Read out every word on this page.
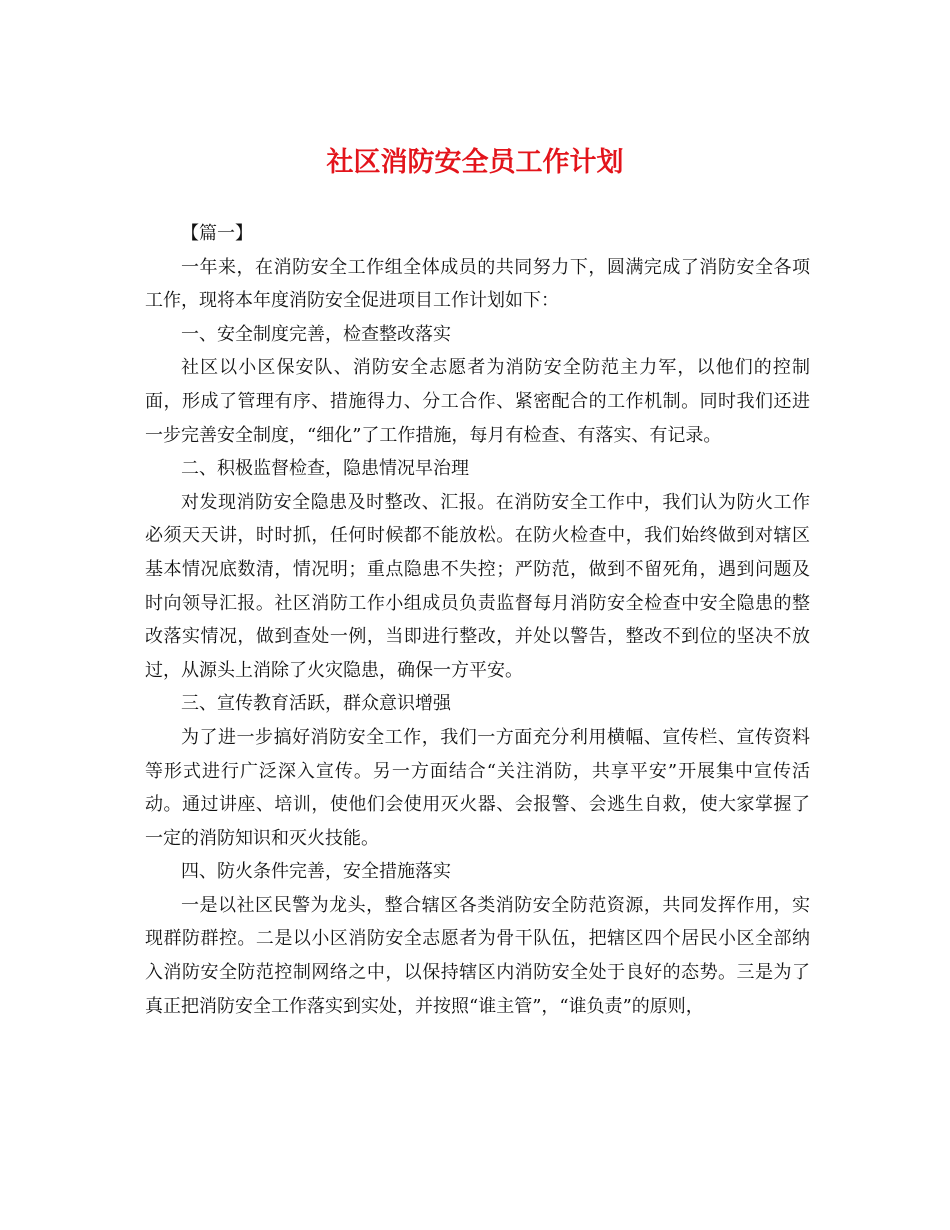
社区消防安全员工作计划

【篇一】

一年来，在消防安全工作组全体成员的共同努力下，圆满完成了消防安全各项工作，现将本年度消防安全促进项目工作计划如下：

一、安全制度完善，检查整改落实

社区以小区保安队、消防安全志愿者为消防安全防范主力军，以他们的控制面，形成了管理有序、措施得力、分工合作、紧密配合的工作机制。同时我们还进一步完善安全制度，“细化”了工作措施，每月有检查、有落实、有记录。

二、积极监督检查，隐患情况早治理

对发现消防安全隐患及时整改、汇报。在消防安全工作中，我们认为防火工作必须天天讲，时时抓，任何时候都不能放松。在防火检查中，我们始终做到对辖区基本情况底数清，情况明；重点隐患不失控；严防范，做到不留死角，遇到问题及时向领导汇报。社区消防工作小组成员负责监督每月消防安全检查中安全隐患的整改落实情况，做到查处一例，当即进行整改，并处以警告，整改不到位的坚决不放过，从源头上消除了火灾隐患，确保一方平安。

三、宣传教育活跃，群众意识增强

为了进一步搞好消防安全工作，我们一方面充分利用横幅、宣传栏、宣传资料等形式进行广泛深入宣传。另一方面结合“关注消防，共享平安”开展集中宣传活动。通过讲座、培训，使他们会使用灭火器、会报警、会逃生自救，使大家掌握了一定的消防知识和灭火技能。

四、防火条件完善，安全措施落实

一是以社区民警为龙头，整合辖区各类消防安全防范资源，共同发挥作用，实现群防群控。二是以小区消防安全志愿者为骨干队伍，把辖区四个居民小区全部纳入消防安全防范控制网络之中，以保持辖区内消防安全处于良好的态势。三是为了真正把消防安全工作落实到实处，并按照“谁主管”，“谁负责”的原则，
